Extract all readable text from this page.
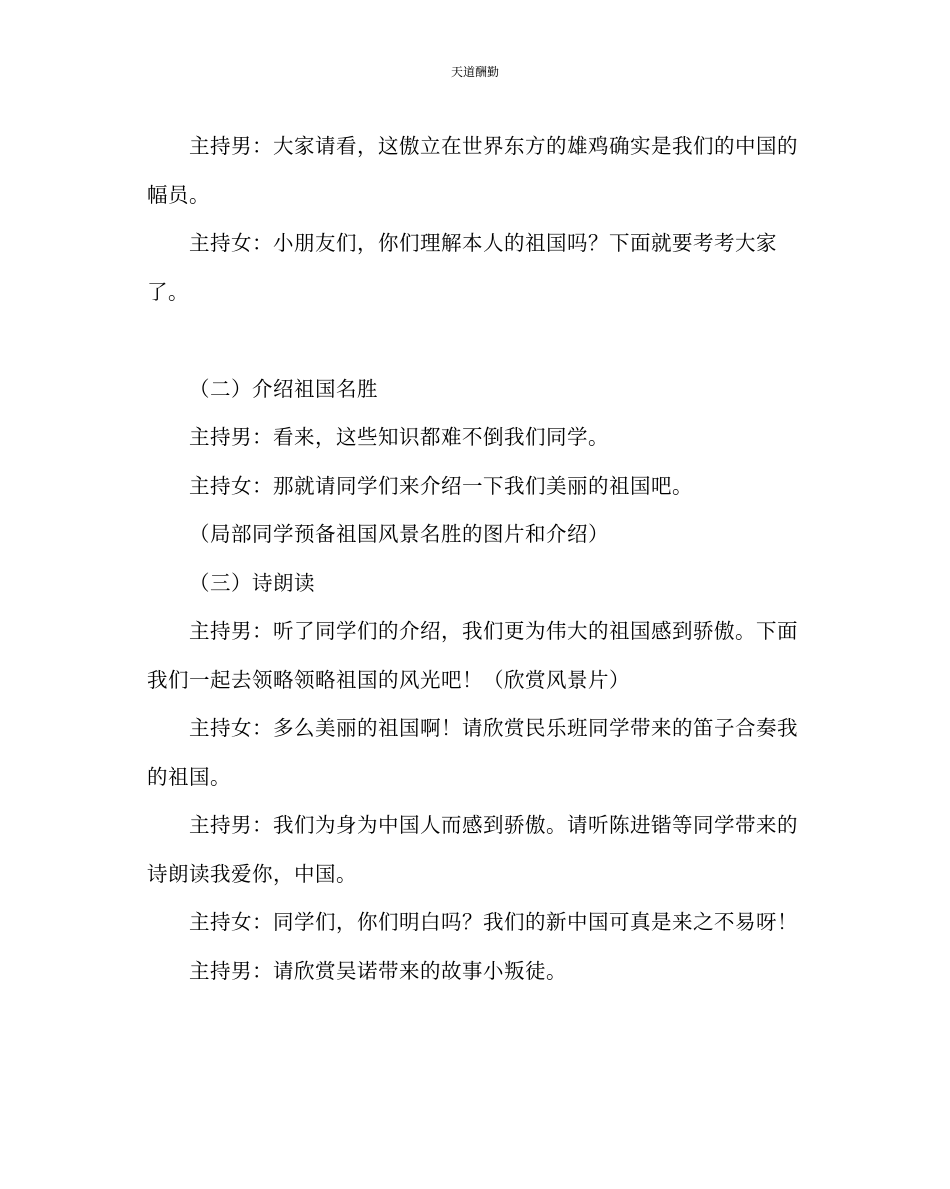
天道酬勤

主持男：大家请看，这傲立在世界东方的雄鸡确实是我们的中国的幅员。

主持女：小朋友们，你们理解本人的祖国吗？下面就要考考大家了。

（二）介绍祖国名胜

主持男：看来，这些知识都难不倒我们同学。

主持女：那就请同学们来介绍一下我们美丽的祖国吧。

（局部同学预备祖国风景名胜的图片和介绍）

（三）诗朗读

主持男：听了同学们的介绍，我们更为伟大的祖国感到骄傲。下面我们一起去领略领略祖国的风光吧！（欣赏风景片）

主持女：多么美丽的祖国啊！请欣赏民乐班同学带来的笛子合奏我的祖国。

主持男：我们为身为中国人而感到骄傲。请听陈进锴等同学带来的诗朗读我爱你，中国。

主持女：同学们，你们明白吗？我们的新中国可真是来之不易呀！

主持男：请欣赏吴诺带来的故事小叛徒。
